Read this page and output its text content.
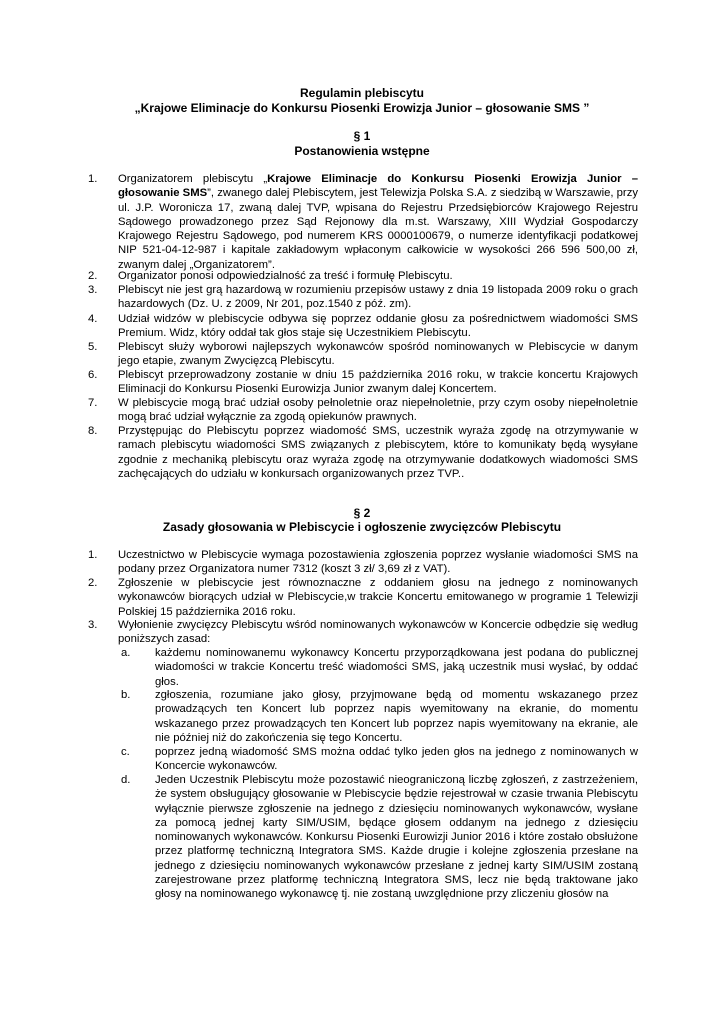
Regulamin plebiscytu
„Krajowe Eliminacje do Konkursu Piosenki Erowizja Junior – głosowanie SMS ”
§ 1
Postanowienia wstępne
1. Organizatorem plebiscytu „Krajowe Eliminacje do Konkursu Piosenki Erowizja Junior – głosowanie SMS”, zwanego dalej Plebiscytem, jest Telewizja Polska S.A. z siedzibą w Warszawie, przy ul. J.P. Woronicza 17, zwaną dalej TVP, wpisana do Rejestru Przedsiębiorców Krajowego Rejestru Sądowego prowadzonego przez Sąd Rejonowy dla m.st. Warszawy, XIII Wydział Gospodarczy Krajowego Rejestru Sądowego, pod numerem KRS 0000100679, o numerze identyfikacji podatkowej NIP 521-04-12-987 i kapitale zakładowym wpłaconym całkowicie w wysokości 266 596 500,00 zł, zwanym dalej „Organizatorem”.
2. Organizator ponosi odpowiedzialność za treść i formułę Plebiscytu.
3. Plebiscyt nie jest grą hazardową w rozumieniu przepisów ustawy z dnia 19 listopada 2009 roku o grach hazardowych (Dz. U. z 2009, Nr 201, poz.1540 z póź. zm).
4. Udział widzów w plebiscycie odbywa się poprzez oddanie głosu za pośrednictwem wiadomości SMS Premium. Widz, który oddał tak głos staje się Uczestnikiem Plebiscytu.
5. Plebiscyt służy wyborowi najlepszych wykonawców spośród nominowanych w Plebiscycie w danym jego etapie, zwanym Zwycięzcą Plebiscytu.
6. Plebiscyt przeprowadzony zostanie w dniu 15 października 2016 roku, w trakcie koncertu Krajowych Eliminacji do Konkursu Piosenki Eurowizja Junior zwanym dalej Koncertem.
7. W plebiscycie mogą brać udział osoby pełnoletnie oraz niepełnoletnie, przy czym osoby niepełnoletnie mogą brać udział wyłącznie za zgodą opiekunów prawnych.
8. Przystępując do Plebiscytu poprzez wiadomość SMS, uczestnik wyraża zgodę na otrzymywanie w ramach plebiscytu wiadomości SMS związanych z plebiscytem, które to komunikaty będą wysyłane zgodnie z mechaniką plebiscytu oraz wyraża zgodę na otrzymywanie dodatkowych wiadomości SMS zachęcających do udziału w konkursach organizowanych przez TVP..
§ 2
Zasady głosowania w Plebiscycie i ogłoszenie zwycięzców Plebiscytu
1. Uczestnictwo w Plebiscycie wymaga pozostawienia zgłoszenia poprzez wysłanie wiadomości SMS na podany przez Organizatora numer 7312 (koszt 3 zł/ 3,69 zł z VAT).
2. Zgłoszenie w plebiscycie jest równoznaczne z oddaniem głosu na jednego z nominowanych wykonawców biorących udział w Plebiscycie,w trakcie Koncertu emitowanego w programie 1 Telewizji Polskiej 15 października 2016 roku.
3. Wyłonienie zwycięzcy Plebiscytu wśród nominowanych wykonawców w Koncercie odbędzie się według poniższych zasad:
a. każdemu nominowanemu wykonawcy Koncertu przyporządkowana jest podana do publicznej wiadomości w trakcie Koncertu treść wiadomości SMS, jaką uczestnik musi wysłać, by oddać głos.
b. zgłoszenia, rozumiane jako głosy, przyjmowane będą od momentu wskazanego przez prowadzących ten Koncert lub poprzez napis wyemitowany na ekranie, do momentu wskazanego przez prowadzących ten Koncert lub poprzez napis wyemitowany na ekranie, ale nie później niż do zakończenia się tego Koncertu.
c. poprzez jedną wiadomość SMS można oddać tylko jeden głos na jednego z nominowanych w Koncercie wykonawców.
d. Jeden Uczestnik Plebiscytu może pozostawić nieograniczoną liczbę zgłoszeń, z zastrzeżeniem, że system obsługujący głosowanie w Plebiscycie będzie rejestrował w czasie trwania Plebiscytu wyłącznie pierwsze zgłoszenie na jednego z dziesięciu nominowanych wykonawców, wysłane za pomocą jednej karty SIM/USIM, będące głosem oddanym na jednego z dziesięciu nominowanych wykonawców. Konkursu Piosenki Eurowizji Junior 2016 i które zostało obsłużone przez platformę techniczną Integratora SMS. Każde drugie i kolejne zgłoszenia przesłane na jednego z dziesięciu nominowanych wykonawców przesłane z jednej karty SIM/USIM zostaną zarejestrowane przez platformę techniczną Integratora SMS, lecz nie będą traktowane jako głosy na nominowanego wykonawcę tj. nie zostaną uwzględnione przy zliczeniu głosów na
